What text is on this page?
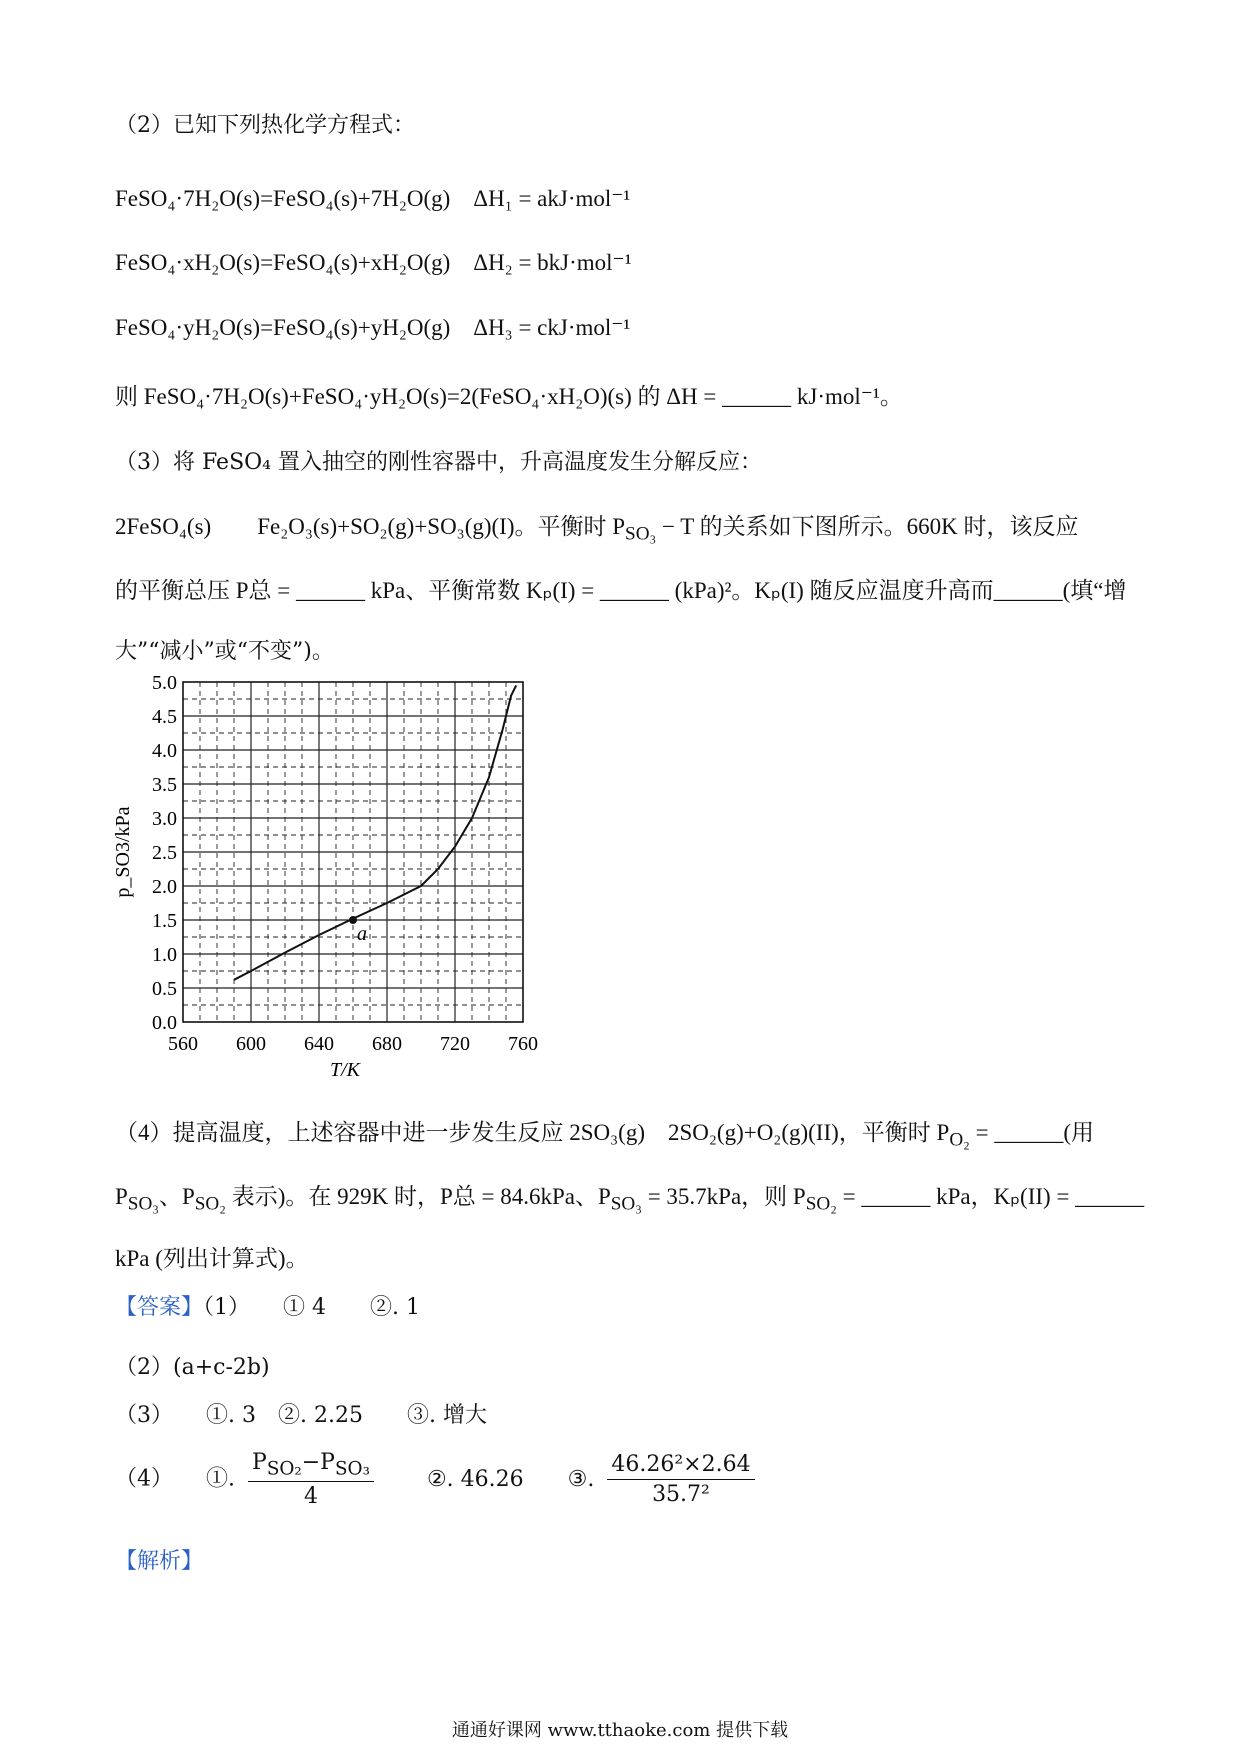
（2）已知下列热化学方程式：
FeSO₄·7H₂O(s)=FeSO₄(s)+7H₂O(g)　ΔH₁ = akJ·mol⁻¹
FeSO₄·xH₂O(s)=FeSO₄(s)+xH₂O(g)　ΔH₂ = bkJ·mol⁻¹
FeSO₄·yH₂O(s)=FeSO₄(s)+yH₂O(g)　ΔH₃ = ckJ·mol⁻¹
则 FeSO₄·7H₂O(s)+FeSO₄·yH₂O(s)=2(FeSO₄·xH₂O)(s) 的 ΔH = ______ kJ·mol⁻¹。
（3）将 FeSO₄ 置入抽空的刚性容器中，升高温度发生分解反应：
2FeSO₄(s)　　Fe₂O₃(s)+SO₂(g)+SO₃(g)(I)。平衡时 $P_{SO_3} - T$ 的关系如下图所示。660K 时，该反应
的平衡总压 P总 = ______ kPa、平衡常数 Kₚ(I) = ______ (kPa)²。Kₚ(I) 随反应温度升高而______(填“增
大”“减小”或“不变”)。
560 600 640 680 720 760
0.0
0.5
1.0
1.5
2.0
2.5
3.0
3.5
4.0
4.5
5.0
T/K
p_SO3/kPa
a
（4）提高温度，上述容器中进一步发生反应 2SO₃(g)　2SO₂(g)+O₂(g)(II)，平衡时 $P_{O_2}$ = ______(用
$P_{SO_3}$、$P_{SO_2}$ 表示)。在 929K 时，P总 = 84.6kPa、$P_{SO_3} = 35.7kPa$，则 $P_{SO_2}$ = ______ kPa，Kₚ(II) = ______
kPa (列出计算式)。
【答案】（1）　　① 4　　②. 1
（2）(a+c-2b)
（3）　　①. 3　②. 2.25　　③. 增大
（4）　　①. $\frac{P_{SO_2}-P_{SO_3}}{4}$ ②. 46.26　　③. $\frac{\text{46.26²×2.64}}{\text{35.7²}}$
【解析】
通通好课网 www.tthaoke.com 提供下载
